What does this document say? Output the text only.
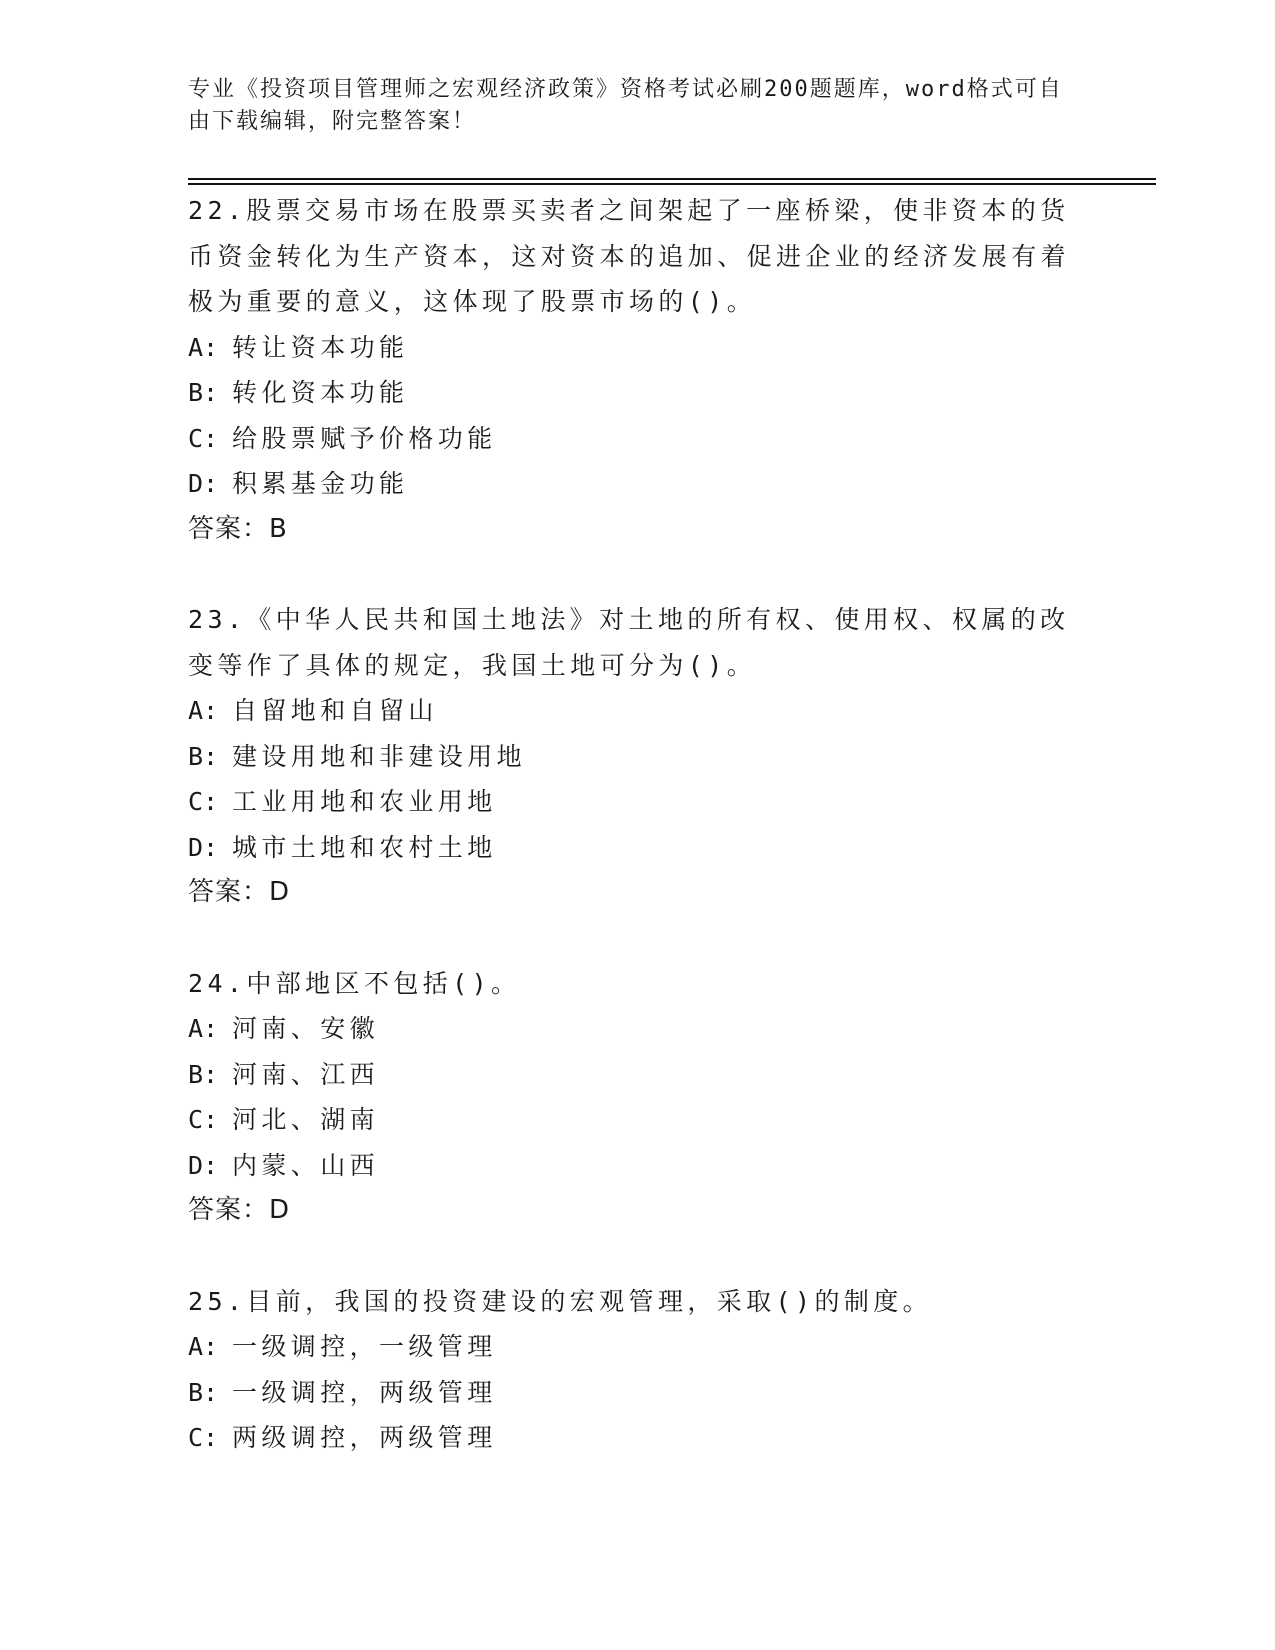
专业《投资项目管理师之宏观经济政策》资格考试必刷200题题库，word格式可自由下载编辑，附完整答案！

22.股票交易市场在股票买卖者之间架起了一座桥梁，使非资本的货币资金转化为生产资本，这对资本的追加、促进企业的经济发展有着极为重要的意义，这体现了股票市场的()。

A: 转让资本功能
B: 转化资本功能
C: 给股票赋予价格功能
D: 积累基金功能
答案：B

23.《中华人民共和国土地法》对土地的所有权、使用权、权属的改变等作了具体的规定，我国土地可分为()。

A: 自留地和自留山
B: 建设用地和非建设用地
C: 工业用地和农业用地
D: 城市土地和农村土地
答案：D

24.中部地区不包括()。

A: 河南、安徽
B: 河南、江西
C: 河北、湖南
D: 内蒙、山西
答案：D

25.目前，我国的投资建设的宏观管理，采取()的制度。

A: 一级调控，一级管理
B: 一级调控，两级管理
C: 两级调控，两级管理
